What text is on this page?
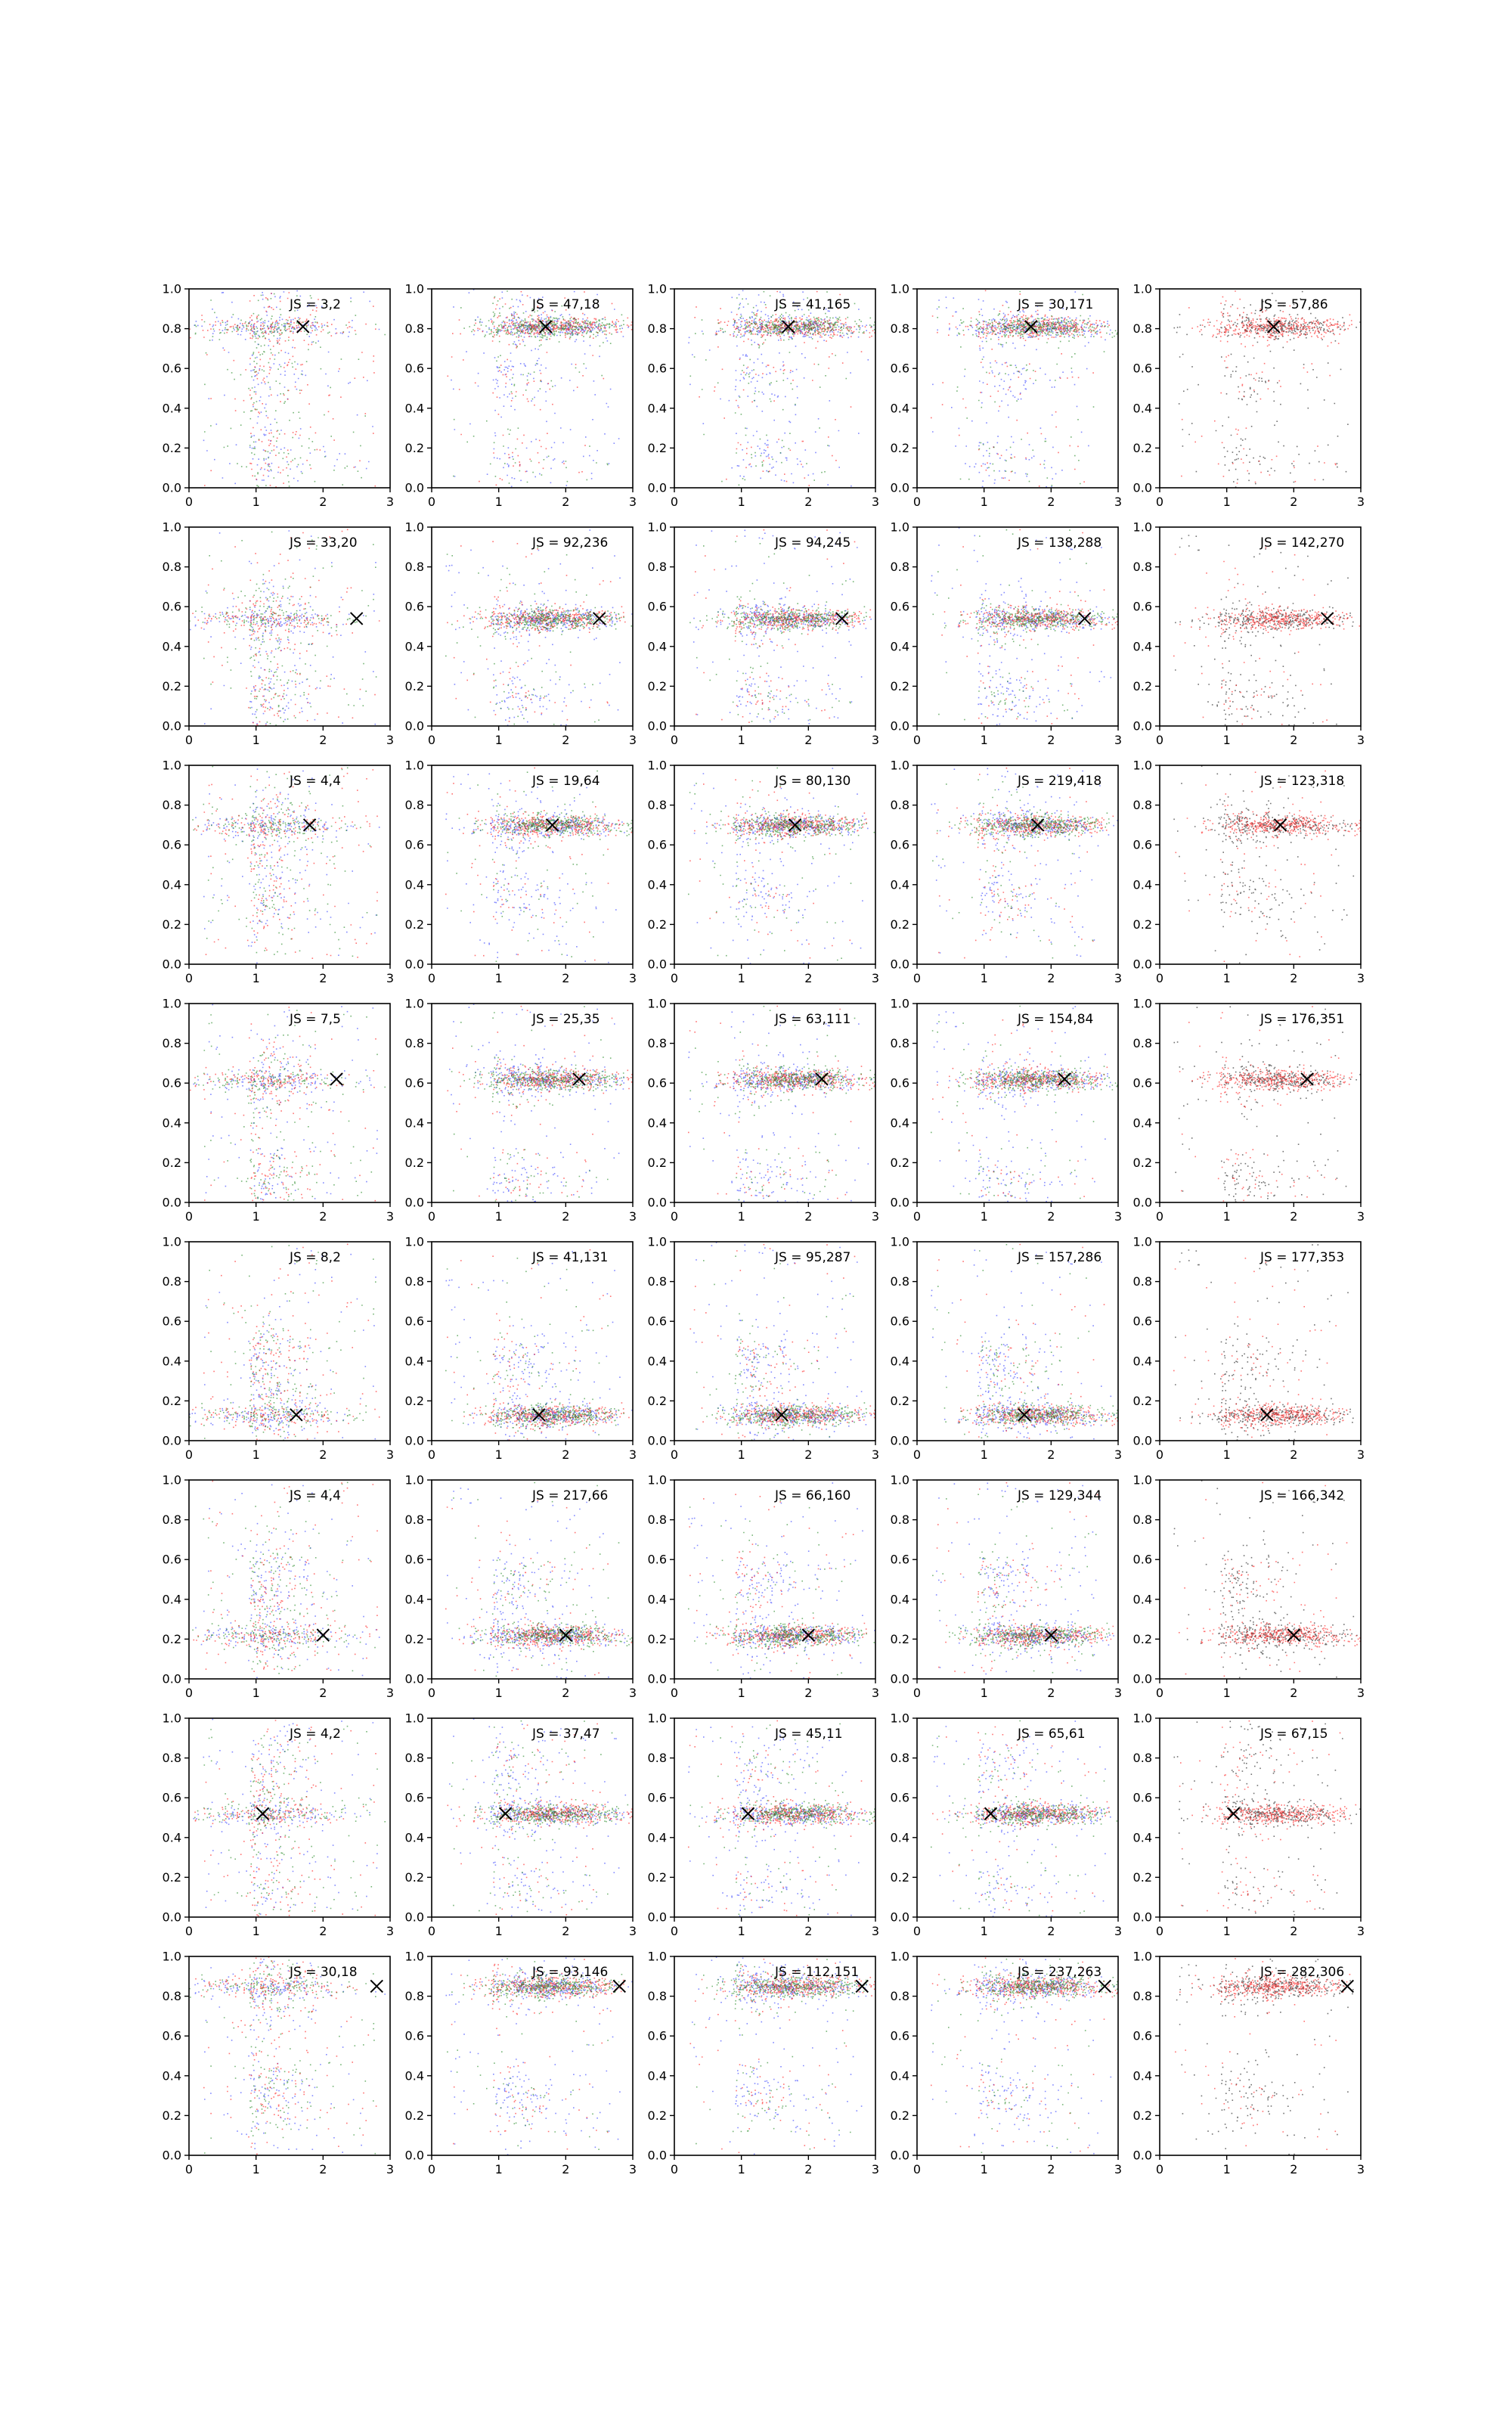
0.0
0.2
0.4
0.6
0.8
1.0
0	1	2	3
JS = 3,2
0.0
0.2
0.4
0.6
0.8
1.0
0	1	2	3
JS = 47,18
0.0
0.2
0.4
0.6
0.8
1.0
0	1	2	3
JS = 41,165
0.0
0.2
0.4
0.6
0.8
1.0
0	1	2	3
JS = 30,171
0.0
0.2
0.4
0.6
0.8
1.0
0	1	2	3
JS = 57,86
0.0
0.2
0.4
0.6
0.8
1.0
0	1	2	3
JS = 33,20
0.0
0.2
0.4
0.6
0.8
1.0
0	1	2	3
JS = 92,236
0.0
0.2
0.4
0.6
0.8
1.0
0	1	2	3
JS = 94,245
0.0
0.2
0.4
0.6
0.8
1.0
0	1	2	3
JS = 138,288
0.0
0.2
0.4
0.6
0.8
1.0
0	1	2	3
JS = 142,270
0.0
0.2
0.4
0.6
0.8
1.0
0	1	2	3
JS = 4,4
0.0
0.2
0.4
0.6
0.8
1.0
0	1	2	3
JS = 19,64
0.0
0.2
0.4
0.6
0.8
1.0
0	1	2	3
JS = 80,130
0.0
0.2
0.4
0.6
0.8
1.0
0	1	2	3
JS = 219,418
0.0
0.2
0.4
0.6
0.8
1.0
0	1	2	3
JS = 123,318
0.0
0.2
0.4
0.6
0.8
1.0
0	1	2	3
JS = 7,5
0.0
0.2
0.4
0.6
0.8
1.0
0	1	2	3
JS = 25,35
0.0
0.2
0.4
0.6
0.8
1.0
0	1	2	3
JS = 63,111
0.0
0.2
0.4
0.6
0.8
1.0
0	1	2	3
JS = 154,84
0.0
0.2
0.4
0.6
0.8
1.0
0	1	2	3
JS = 176,351
0.0
0.2
0.4
0.6
0.8
1.0
0	1	2	3
JS = 8,2
0.0
0.2
0.4
0.6
0.8
1.0
0	1	2	3
JS = 41,131
0.0
0.2
0.4
0.6
0.8
1.0
0	1	2	3
JS = 95,287
0.0
0.2
0.4
0.6
0.8
1.0
0	1	2	3
JS = 157,286
0.0
0.2
0.4
0.6
0.8
1.0
0	1	2	3
JS = 177,353
0.0
0.2
0.4
0.6
0.8
1.0
0	1	2	3
JS = 4,4
0.0
0.2
0.4
0.6
0.8
1.0
0	1	2	3
JS = 217,66
0.0
0.2
0.4
0.6
0.8
1.0
0	1	2	3
JS = 66,160
0.0
0.2
0.4
0.6
0.8
1.0
0	1	2	3
JS = 129,344
0.0
0.2
0.4
0.6
0.8
1.0
0	1	2	3
JS = 166,342
0.0
0.2
0.4
0.6
0.8
1.0
0	1	2	3
JS = 4,2
0.0
0.2
0.4
0.6
0.8
1.0
0	1	2	3
JS = 37,47
0.0
0.2
0.4
0.6
0.8
1.0
0	1	2	3
JS = 45,11
0.0
0.2
0.4
0.6
0.8
1.0
0	1	2	3
JS = 65,61
0.0
0.2
0.4
0.6
0.8
1.0
0	1	2	3
JS = 67,15
0.0
0.2
0.4
0.6
0.8
1.0
0	1	2	3
JS = 30,18
0.0
0.2
0.4
0.6
0.8
1.0
0	1	2	3
JS = 93,146
0.0
0.2
0.4
0.6
0.8
1.0
0	1	2	3
JS = 112,151
0.0
0.2
0.4
0.6
0.8
1.0
0	1	2	3
JS = 237,263
0.0
0.2
0.4
0.6
0.8
1.0
0	1	2	3
JS = 282,306
